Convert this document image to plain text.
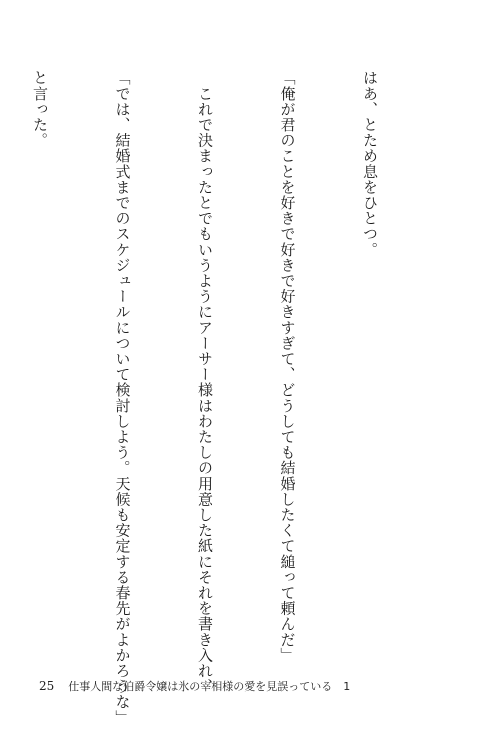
はあ、とため息をひとつ。

「俺が君のことを好きで好きで好きすぎて、どうしても結婚したくて縋って頼んだ」

　これで決まったとでもいうようにアーサー様はわたしの用意した紙にそれを書き入れ、

「では、結婚式までのスケジュールについて検討しよう。天候も安定する春先がよかろうな」

と言った。

25 仕事人間な伯爵令嬢は氷の宰相様の愛を見誤っている　1
